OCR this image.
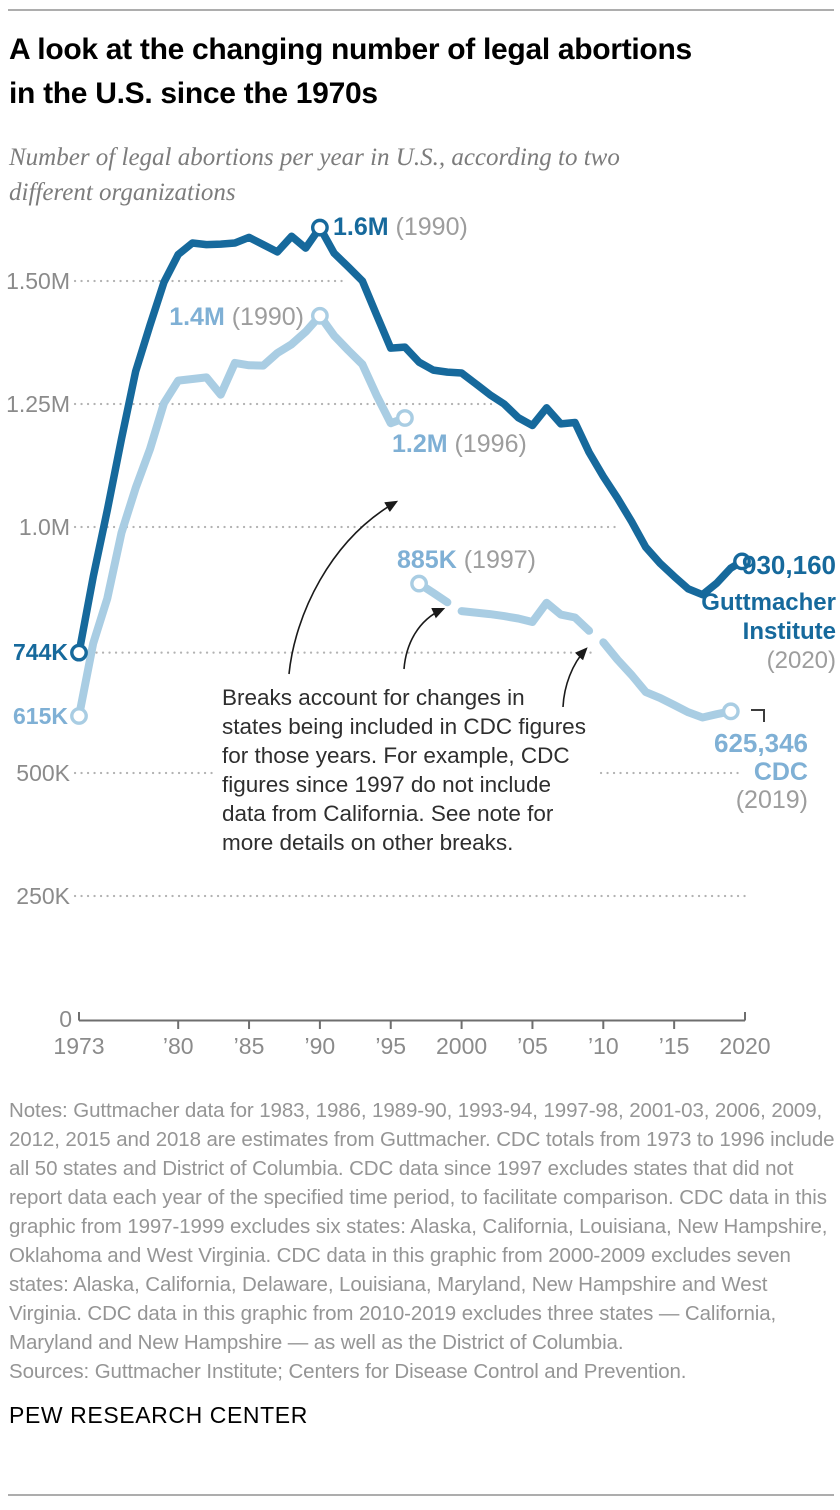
A look at the changing number of legal abortions
in the U.S. since the 1970s
Number of legal abortions per year in U.S., according to two
different organizations
1973	’80	’85	’90	’95	2000	’05	’10	’15	2020
0
250K
500K
1.0M
1.25M
1.50M
744K
615K
1.6M (1990)
1.4M (1990)
1.2M (1996)
885K (1997)	930,160
Guttmacher
Institute
(2020)
625,346
CDC
(2019)
Breaks account for changes in
states being included in CDC figures
for those years. For example, CDC
figures since 1997 do not include
data from California. See note for
more details on other breaks.
Notes: Guttmacher data for 1983, 1986, 1989-90, 1993-94, 1997-98, 2001-03, 2006, 2009, 2012, 2015 and 2018 are estimates from Guttmacher. CDC totals from 1973 to 1996 include all 50 states and District of Columbia. CDC data since 1997 excludes states that did not report data each year of the specified time period, to facilitate comparison. CDC data in this graphic from 1997-1999 excludes six states: Alaska, California, Louisiana, New Hampshire, Oklahoma and West Virginia. CDC data in this graphic from 2000-2009 excludes seven states: Alaska, California, Delaware, Louisiana, Maryland, New Hampshire and West Virginia. CDC data in this graphic from 2010-2019 excludes three states — California, Maryland and New Hampshire — as well as the District of Columbia.
Sources: Guttmacher Institute; Centers for Disease Control and Prevention.
PEW RESEARCH CENTER
